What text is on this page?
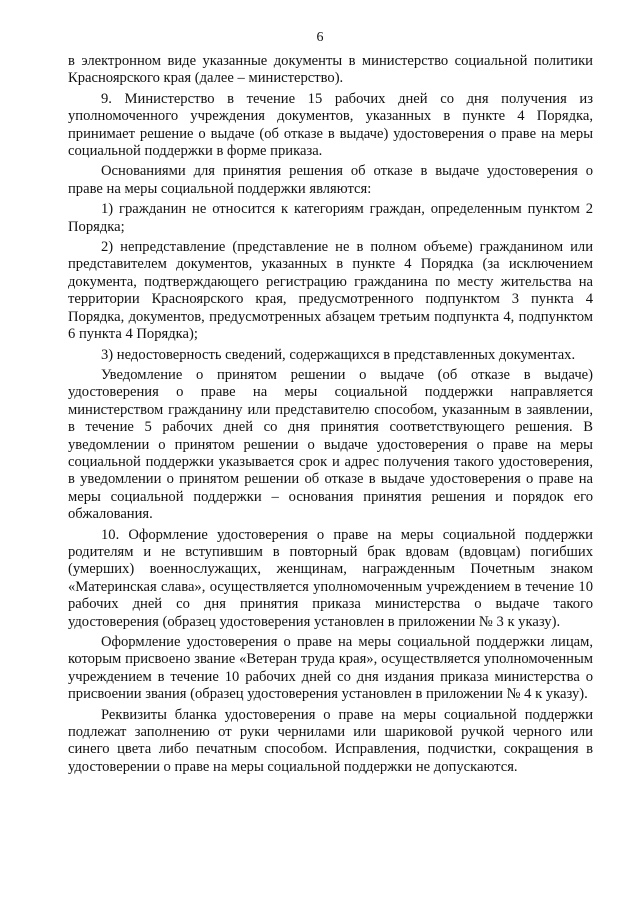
6

в электронном виде указанные документы в министерство социальной политики Красноярского края (далее – министерство).

9. Министерство в течение 15 рабочих дней со дня получения из уполномоченного учреждения документов, указанных в пункте 4 Порядка, принимает решение о выдаче (об отказе в выдаче) удостоверения о праве на меры социальной поддержки в форме приказа.

Основаниями для принятия решения об отказе в выдаче удостоверения о праве на меры социальной поддержки являются:

1) гражданин не относится к категориям граждан, определенным пунктом 2 Порядка;

2) непредставление (представление не в полном объеме) гражданином или представителем документов, указанных в пункте 4 Порядка (за исключением документа, подтверждающего регистрацию гражданина по месту жительства на территории Красноярского края, предусмотренного подпунктом 3 пункта 4 Порядка, документов, предусмотренных абзацем третьим подпункта 4, подпунктом 6 пункта 4 Порядка);

3) недостоверность сведений, содержащихся в представленных документах.

Уведомление о принятом решении о выдаче (об отказе в выдаче) удостоверения о праве на меры социальной поддержки направляется министерством гражданину или представителю способом, указанным в заявлении, в течение 5 рабочих дней со дня принятия соответствующего решения. В уведомлении о принятом решении о выдаче удостоверения о праве на меры социальной поддержки указывается срок и адрес получения такого удостоверения, в уведомлении о принятом решении об отказе в выдаче удостоверения о праве на меры социальной поддержки – основания принятия решения и порядок его обжалования.

10. Оформление удостоверения о праве на меры социальной поддержки родителям и не вступившим в повторный брак вдовам (вдовцам) погибших (умерших) военнослужащих, женщинам, награжденным Почетным знаком «Материнская слава», осуществляется уполномоченным учреждением в течение 10 рабочих дней со дня принятия приказа министерства о выдаче такого удостоверения (образец удостоверения установлен в приложении № 3 к указу).

Оформление удостоверения о праве на меры социальной поддержки лицам, которым присвоено звание «Ветеран труда края», осуществляется уполномоченным учреждением в течение 10 рабочих дней со дня издания приказа министерства о присвоении звания (образец удостоверения установлен в приложении № 4 к указу).

Реквизиты бланка удостоверения о праве на меры социальной поддержки подлежат заполнению от руки чернилами или шариковой ручкой черного или синего цвета либо печатным способом. Исправления, подчистки, сокращения в удостоверении о праве на меры социальной поддержки не допускаются.
